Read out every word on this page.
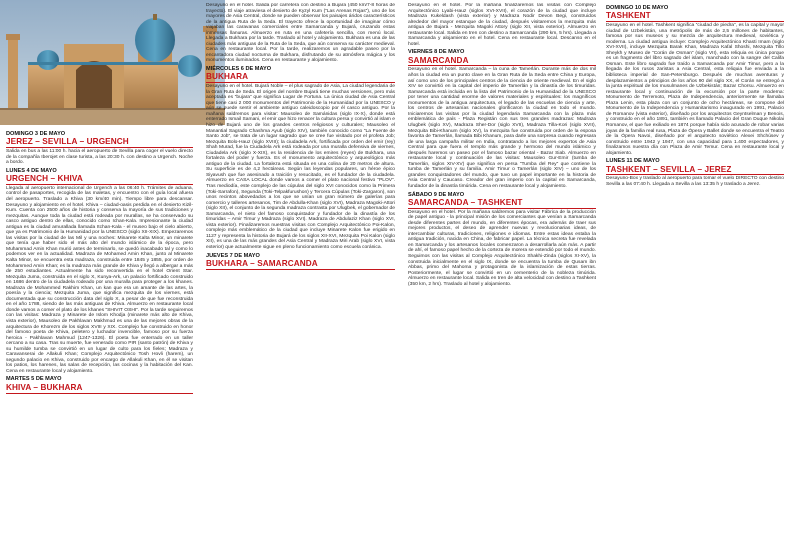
DOMINGO 3 DE MAYO
JEREZ – SEVILLA – URGENCH

Salida en bus a las 11:00 h. hacia el aeropuerto de Sevilla para coger el vuelo directo de la compañía Iberojet en clase turista, a las 20:30 h. con destino a Urgench. Noche a bordo.

LUNES 4 DE MAYO
URGENCH – KHIVA

Llegada al aeropuerto internacional de Urgench a las 06:40 h. Trámites de aduana, control de pasaportes, recogida de las maletas, y encuentro con el guía local afuera del aeropuerto. Traslado a Khiva (30 km/40 min). Tiempo libre para descansar. Desayuno y alojamiento en el hotel. Khiva – ciudad-oasis perdida en el desierto Kizil-Kum. Cuenta con 2500 años de historia y conserva la mayoría de sus tradiciones y mezquitas. Aunque toda la ciudad está rodeada por murallas, se ha conservado su casco antiguo dentro de ellas, conocido como Ichan-Kala. Impresionante la ciudad antigua es la ciudad amurallada llamada Itchan-Kala - el museo bajo el cielo abierto, que ya es Patrimonio de la Humanidad por la UNESCO (siglo XII-XIX). Empezaremos las visitas por la ciudad de las Mil y una noches: Minarete Kalta Minor, un minarete que tenía que haber sido el más alto del mundo islámico de la época, pero Muhammad Amin Khan murió antes de terminarlo, se quedó inacabado tal y como lo podemos ver en la actualidad. Madraza de Mohamed Amin Khan, junto al Minarete Kalta Minor, se encuentra esta madraza, construida entre 1845 y 1855, por orden de Mohammed Amin Khan; es la madraza más grande de Khiva y llegó a albergar a más de 250 estudiantes. Actualmente ha sido reconvertida en el hotel Orient Star. Mezquita Juma, construida en el siglo X, Kunya-Ark, un palacio fortificado construido en 1686 dentro de la ciudadela rodeado por una muralla para proteger a los khanes. Madraza de Mohammed Rakhim Khan, un kan que era un amante de las artes, la poesía y la ciencia; Mezquita Juma, que significa mezquita de los viernes, está documentada que su construcción data del siglo X, a pesar de que fue reconstruida en el año 1788, siendo de las más antiguas de Khiva. Almuerzo en restaurante local donde vamos a comer el plato de los khanes “SHIVIT OSHI”. Por la tarde seguiremos con las visitas: Madraza y Minarete de Islom Khodja (minarete más alto de Khiva, vista exterior), Mausoleo de Pakhlavan Makhmud es una de las mejores obras de la arquitectura de Khorezm de los siglos XVIII y XIX. Complejo fue construido en honor del famoso poeta de Khiva, peletero y luchador invencible, famoso por su fuerza heroica - Pakhlavan Mahmud (1247-1326). El poeta fue enterrado en un taller cercano a su casa. Tras su muerte, fue venerado como PIR (santo patrón) de Khiva y su humilde tumba se convirtió en un lugar de culto para los fieles; Madraza y Caravanserai de Allakuli Khan; Complejo Arquitectónico Tosh Hovli (harem), un segundo palacio en Khiva, construido por encargo de Allakuli Khan, en él se visitan los patios, los harenes, las salas de recepción, las cocinas y la habitación del Kan. Cena en restaurante local y alojamiento.

MARTES 5 DE MAYO
KHIVA – BUKHARA

Desayuno en el hotel. Salida por carretera con destino a Bujara (450 km/7-8 horas de trayecto). El viaje atraviesa el desierto de Kyzyl Kum (“Las Arenas Rojas”), uno de los mayores de Asia Central, donde se pueden observar los paisajes áridos característicos de la antigua Ruta de la Seda. El trayecto ofrece la oportunidad de imaginar cómo viajaban las caravanas comerciales entre Samarcanda y Bujará, cruzando estas inmensas llanuras. Almuerzo en ruta en una cafetería sencilla, con menú local. Llegada a Bukhara por la tarde. Traslado al hotel y alojamiento. Bukhara es una de las ciudades más antiguas de la Ruta de la Seda, que aún conserva su carácter medieval. Cena en restaurante local. Por la tarde, realizaremos un agradable paseo por la encantadora ciudad nocturna de Bukhara, disfrutando de su atmósfera mágica y los monumentos iluminados. Cena en restaurante y alojamiento.

MIÉRCOLES 6 DE MAYO
BUKHARA

Desayuno en el hotel. Bujará Noble – el plus sagrado de Asia, La ciudad legendaria de la Gran Ruta de Seda. El origen del nombre Bujará tiene muchas versiones, pero más aceptada es “bujara” que significa Lugar de Fortuna. La única ciudad de Asia Central que tiene casi 2 000 monumentos del Patrimonio de la Humanidad por la UNESCO y aún se puede sentir el ambiente antiguo caleidoscopio por él casco antiguo. Por la mañana saldremos para visitar: Mausoleo de Samánidas (siglo IX-X), donde está enterrado Ismail Samani, el emir que hizo renacer la cultura persa y convirtió al islam e hizo de Bujará uno de los grandes centros religiosos y culturales; Mausoleo el Manantial Sagrado Chashma Ayub (siglo XIV), también conocido como “La Fuente de Santo Job”, se trata de un lugar sagrado que se cree fue visitado por el profeta Job; Mezquita Bolo-Hauz (siglo XVIII); la ciudadela Ark, fortificada por orden del emir (rey) Shah Murad, fue la Ciudadela Ark está rodeada por una muralla defensiva de viernes, Ciudadela Ark (siglo X-XIX), es la residencia de los emires (reyes) de Bukhara, una fortaleza del poder y fuerza. Es el monumento arquitectónico y arqueológico más antiguo de la ciudad. La fortaleza está situada en una colina de 20 metros de altura. Su superficie es de 4,2 hectáreas. Según las leyendas populares, un héroe épico Siyavush que fue asesinado a traición y resucitado, es el fundador de la ciudadela. Almuerzo en CASA LOCAL donde vamos a comer el plato nacional festivo “PLOV”. Tras mediodía, este complejo de las cúpulas del siglo XVI conocidos como la Primera (Toki-Sarrafon), Segunda (Toki-Telpakfurushon) y Tercera Cúpulas (Toki-Zargaron), son unos recintos abovedados a los que se unían un gran número de galerías para comercio y talleres artesanos, Tim de Abdulla-Khan (siglo XVI), Madraza Magoki-Attori (siglo XII), el conjunto de la segunda madraza contrasta por Ulugbek, el gobernador de Samarcanda, el nieto del famoso conquistador y fundador de la dinastía de los timuridas – Amir Timur y Madraza (siglo XVI). Madraza de Abdulaziz Khan (siglo XVI, vista exterior). Finalizaremos nuestras visitas con Complejo Arquitectónico Poi-Kalon, complejo más emblemático de la ciudad que incluye Minarete Kalon fue erigido en 1127 y representa la historia de Bujará de los siglos XII-XVI, Mezquita Poi Kalon (siglo XII), es una de las más grandes del Asia Central y Madraza Miri Arab (siglo XVI, vista exterior) que actualmente sigue en pleno funcionamiento como escuela coránica.

JUEVES 7 DE MAYO
BUKHARA – SAMARCANDA

Desayuno en el hotel. Por la mañana finalizaremos las visitas con Complejo Arquitectónico Lyabi-Hauz (siglos XVI-XVII), el corazón de la ciudad que incluye Madraza Kukeldash (vista exterior) y Madraza Nodir Devon Begi, construidos alrededor del mayor estanque de la ciudad, después visitaremos la mezquita más antigua de Bujará - Mezquita Magoki Attory (siglo XII, vista exterior). Almuerzo en restaurante local. Salida en tren con destino a Samarcanda (290 km, 5 hrs). Llegada a Samarcanda y alojamiento en el hotel. Cena en restaurante local. Descanso en el hotel.

VIERNES 8 DE MAYO
SAMARCANDA

Desayuno en el hotel. Samarcanda – la cuna de Tamerlán. Durante más de dos mil años la ciudad era un punto clave en la Gran Ruta de la Seda entre China y Europa, así como uno de los principales centros de la ciencia de oriente medieval. En el siglo XIV se convirtió en la capital del imperio de Tamerlán y la dinastía de los timuridas. Samarcanda está incluida en la lista del Patrimonio de la Humanidad de la UNESCO por tener una cantidad enorme de valores materiales y espirituales: los magníficos monumentos de la antigua arquitectura, el legado de las escuelas de ciencia y arte, los centros de artesanías nacionales glorificaron la ciudad en todo el mundo. Iniciaremos las visitas por la ciudad legendaria Samarcanda con la plaza más emblemática de país - Plaza Registán con sus tres grandes madrazas: Madraza Ulugbek (siglo XV), Madraza Sher-Dor (siglo XVII), Madraza Tilla-Kori (siglo XVII), Mezquita Bibi-Khanum (siglo XV), la mezquita fue construida por orden de la esposa favorita de Tamerlán, llamada Bibi Khanum, para darle una sorpresa cuando regresara de una larga campaña militar en India, contratando a los mejores expertos de Asia Central para que fuera el templo más grande y hermoso del mundo islámico y después haremos un paseo por el famoso bazar oriental - Bazar Siab. Almuerzo en restaurante local y continuación de las visitas: Mausoleo Gur-Emir (tumba de Tamerlán, siglos XIV-XV) que significa en persa “Tumba del Rey” que contiene la tumba de Tamerlán y su familia. Amir Timur o Tamerlán (siglo XIV) – uno de los grandes conquistadores del mundo, que tuvo un papel importante en la historia de Asia Central y Caucaso. Creador del gran imperio con la capital en Samarcanda, fundador de la dinastía timúrida. Cena en restaurante local y alojamiento.

SÁBADO 9 DE MAYO
SAMARCANDA – TASHKENT

Desayuno en el hotel. Por la mañana saldremos para visitar Fábrica de la producción de papel antiguo - la principal misión de los comerciantes que venían a Samarcanda desde diferentes partes del mundo, en diferentes épocas, era además de traer sus mejores productos, el deseo de aprender nuevas y revolucionarias ideas, de intercambiar culturas, tradiciones, religiones e idiomas. Entre estas ideas estaba la antigua tradición, nacida en China, de fabricar papel. La técnica secreta fue revelada en Samarcanda y los artesanos locales comenzaron a desarrollarla aún más. A partir de ahí, el famoso papel hecho de la corteza de morera se extendió por todo el mundo. Seguimos con las visitas al Complejo Arquitectónico Shakhi-Zinda (siglos XI-XV), la construida inicialmente en el siglo IX, donde se encuentra la tumba de Qusam ibn Abbas, primo del Mahoma y protagonista de la islamización de estas tierras. Posteriormente, el lugar se convirtió en un cementerio de la nobleza timúrida. Almuerzo en restaurante local. Salida en tren de alta velocidad con destino a Tashkent (350 km, 2 hrs). Traslado al hotel y alojamiento.

DOMINGO 10 DE MAYO
TASHKENT

Desayuno en el hotel. Tashkent significa “ciudad de piedra”, es la capital y mayor ciudad de Uzbekistán, una metrópolis de más de 2,5 millones de habitantes, famosa por sus museos y su mezcla de arquitectura medieval, soviética y moderna. La ciudad antigua incluye: Complejo Arquitectónico Khasti Imam (siglo XVI-XVII), incluye Mezquita Barak Khan, Madraza Kafal Shoshi, Mezquita Tillo Sheykh y Museo de “Corán de Osman” (siglo VII), esta reliquia es única porque es un fragmento del libro sagrado del islam, manchado con la sangre del Califa Osman. Este libro sagrado fue traído a Samarcanda por Amir Timur, pero a la llegada de los rusos zaristas a Asia Central, esta reliquia fue enviada a la biblioteca imperial de San-Petersburgo. Después de muchas aventuras y desplazamientos a principios de los años 90 del siglo XX, el Corán se entregó a la junta espiritual de los musulmanes de Uzbekistán; Bazar Chorsu. Almuerzo en restaurante local y continuación de la excursión por la parte moderna: Monumento de Terremoto, Plaza de Independencia, anteriormente se llamaba Plaza Lenin, esta plaza con un conjunto de ocho hectáreas, se compone del Monumento de la Independencia y Humanitarismo inaugurado en 1991, Palacio de Romanov (vista exterior), diseñado por los arquitectos Geyntselman y Benois, y construido en el año 1891, también es llamado Palacio del Gran Duque Nikolai Romanov, el que fue exiliado en 1874 porque había sido acusado de robar varias joyas de la familia real rusa, Plaza de Ópera y Ballet donde se encuentra el Teatro de la Ópera Navoi, diseñado por el arquitecto soviético Alexei Shchúsev y construido entre 1942 y 1947, con una capacidad para 1.400 espectadores, y finalizamos nuestra día con Plaza de Amir Temur. Cena en restaurante local y alojamiento.

LUNES 11 DE MAYO
TASHKENT – SEVILLA – JEREZ

Desayuno-Box y traslado al aeropuerto para tomar el vuelo DIRECTO con destino Sevilla a las 07:40 h. Llegada a Sevilla a las 13:35 h y traslado a Jerez.
